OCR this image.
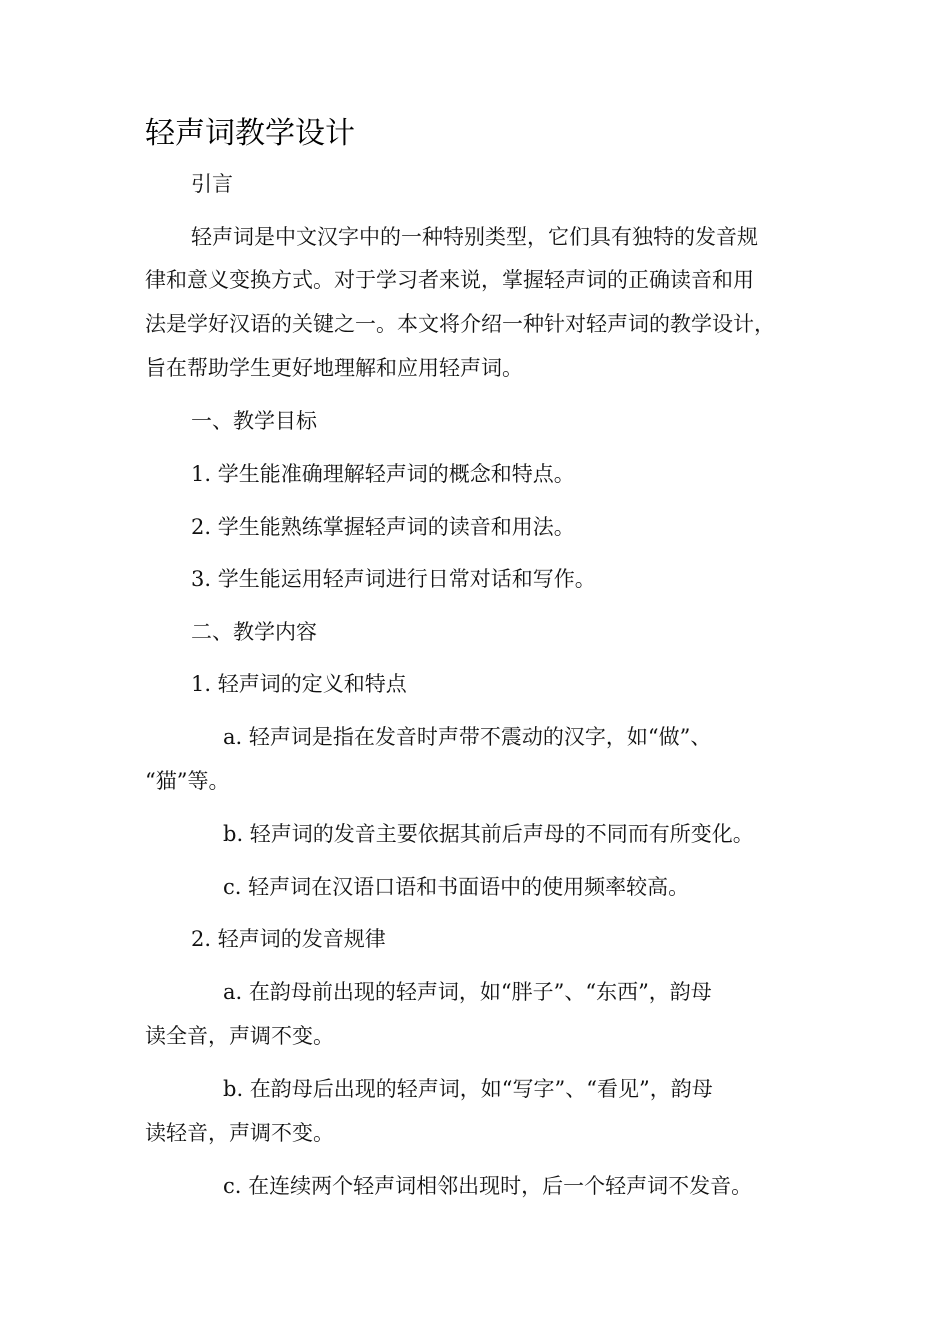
轻声词教学设计
引言
轻声词是中文汉字中的一种特别类型，它们具有独特的发音规
律和意义变换方式。对于学习者来说，掌握轻声词的正确读音和用
法是学好汉语的关键之一。本文将介绍一种针对轻声词的教学设计，
旨在帮助学生更好地理解和应用轻声词。
一、教学目标
1. 学生能准确理解轻声词的概念和特点。
2. 学生能熟练掌握轻声词的读音和用法。
3. 学生能运用轻声词进行日常对话和写作。
二、教学内容
1. 轻声词的定义和特点
a. 轻声词是指在发音时声带不震动的汉字，如“做”、
“猫”等。
b. 轻声词的发音主要依据其前后声母的不同而有所变化。
c. 轻声词在汉语口语和书面语中的使用频率较高。
2. 轻声词的发音规律
a. 在韵母前出现的轻声词，如“胖子”、“东西”，韵母
读全音，声调不变。
b. 在韵母后出现的轻声词，如“写字”、“看见”，韵母
读轻音，声调不变。
c. 在连续两个轻声词相邻出现时，后一个轻声词不发音。
